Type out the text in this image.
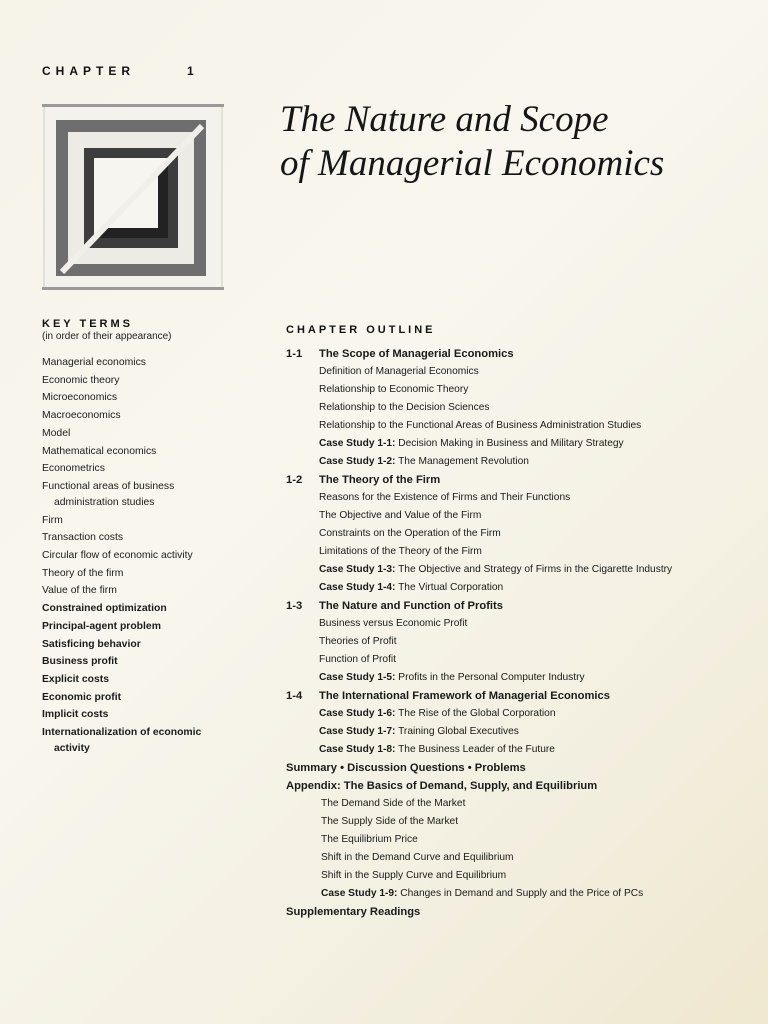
CHAPTER	1
The Nature and Scope
of Managerial Economics

KEY TERMS

(in order of their appearance)

Managerial economics
Economic theory
Microeconomics
Macroeconomics
Model
Mathematical economics
Econometrics
Functional areas of business
administration studies
Firm
Transaction costs
Circular flow of economic activity
Theory of the firm
Value of the firm
Constrained optimization
Principal-agent problem
Satisficing behavior
Business profit
Explicit costs
Economic profit
Implicit costs
Internationalization of economic
activity

CHAPTER OUTLINE

1-1	The Scope of Managerial Economics
Definition of Managerial Economics
Relationship to Economic Theory
Relationship to the Decision Sciences
Relationship to the Functional Areas of Business Administration Studies
Case Study 1-1: Decision Making in Business and Military Strategy
Case Study 1-2: The Management Revolution
1-2	The Theory of the Firm
Reasons for the Existence of Firms and Their Functions
The Objective and Value of the Firm
Constraints on the Operation of the Firm
Limitations of the Theory of the Firm
Case Study 1-3: The Objective and Strategy of Firms in the Cigarette Industry
Case Study 1-4: The Virtual Corporation
1-3	The Nature and Function of Profits
Business versus Economic Profit
Theories of Profit
Function of Profit
Case Study 1-5: Profits in the Personal Computer Industry
1-4	The International Framework of Managerial Economics
Case Study 1-6: The Rise of the Global Corporation
Case Study 1-7: Training Global Executives
Case Study 1-8: The Business Leader of the Future
Summary • Discussion Questions • Problems
Appendix: The Basics of Demand, Supply, and Equilibrium
The Demand Side of the Market
The Supply Side of the Market
The Equilibrium Price
Shift in the Demand Curve and Equilibrium
Shift in the Supply Curve and Equilibrium
Case Study 1-9: Changes in Demand and Supply and the Price of PCs
Supplementary Readings
